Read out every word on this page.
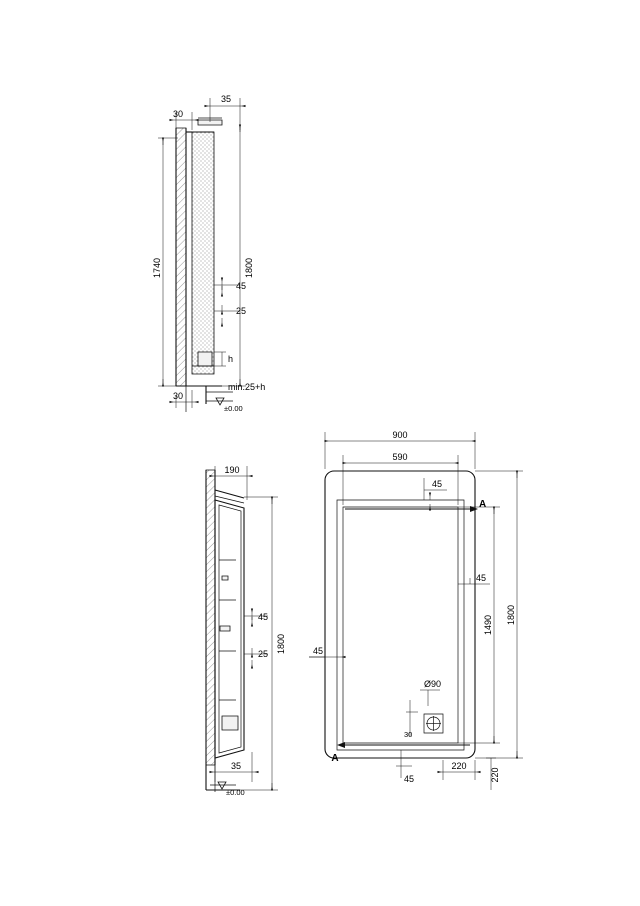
±0.00
min.25+h
35
30
1740	1800
45
25
h
30
±0.00
190
1800
45
25
35
A
A
900
590
45
45
45
1490 1800
Ø90
30
220
220
45
